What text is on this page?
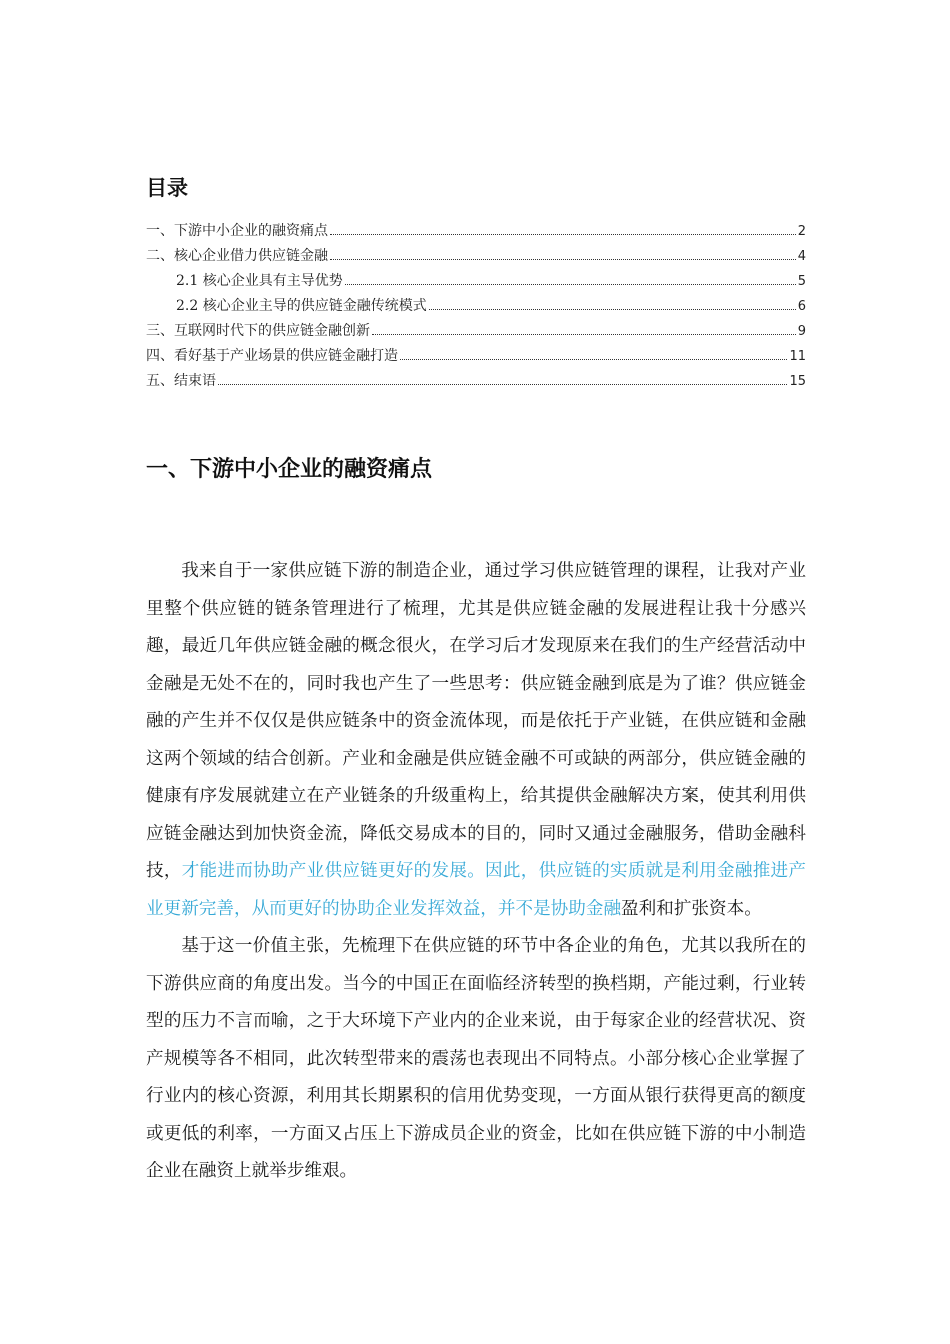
目录
一、下游中小企业的融资痛点	2
二、核心企业借力供应链金融	4
2.1 核心企业具有主导优势	5
2.2 核心企业主导的供应链金融传统模式	6
三、互联网时代下的供应链金融创新	9
四、看好基于产业场景的供应链金融打造	11
五、结束语	15
一、下游中小企业的融资痛点

我来自于一家供应链下游的制造企业，通过学习供应链管理的课程，让我对产业里整个供应链的链条管理进行了梳理，尤其是供应链金融的发展进程让我十分感兴趣，最近几年供应链金融的概念很火，在学习后才发现原来在我们的生产经营活动中金融是无处不在的，同时我也产生了一些思考：供应链金融到底是为了谁？供应链金融的产生并不仅仅是供应链条中的资金流体现，而是依托于产业链，在供应链和金融这两个领域的结合创新。产业和金融是供应链金融不可或缺的两部分，供应链金融的健康有序发展就建立在产业链条的升级重构上，给其提供金融解决方案，使其利用供应链金融达到加快资金流，降低交易成本的目的，同时又通过金融服务，借助金融科技，才能进而协助产业供应链更好的发展。因此，供应链的实质就是利用金融推进产业更新完善，从而更好的协助企业发挥效益，并不是协助金融盈利和扩张资本。

基于这一价值主张，先梳理下在供应链的环节中各企业的角色，尤其以我所在的下游供应商的角度出发。当今的中国正在面临经济转型的换档期，产能过剩，行业转型的压力不言而喻，之于大环境下产业内的企业来说，由于每家企业的经营状况、资产规模等各不相同，此次转型带来的震荡也表现出不同特点。小部分核心企业掌握了行业内的核心资源，利用其长期累积的信用优势变现，一方面从银行获得更高的额度或更低的利率，一方面又占压上下游成员企业的资金，比如在供应链下游的中小制造企业在融资上就举步维艰。
